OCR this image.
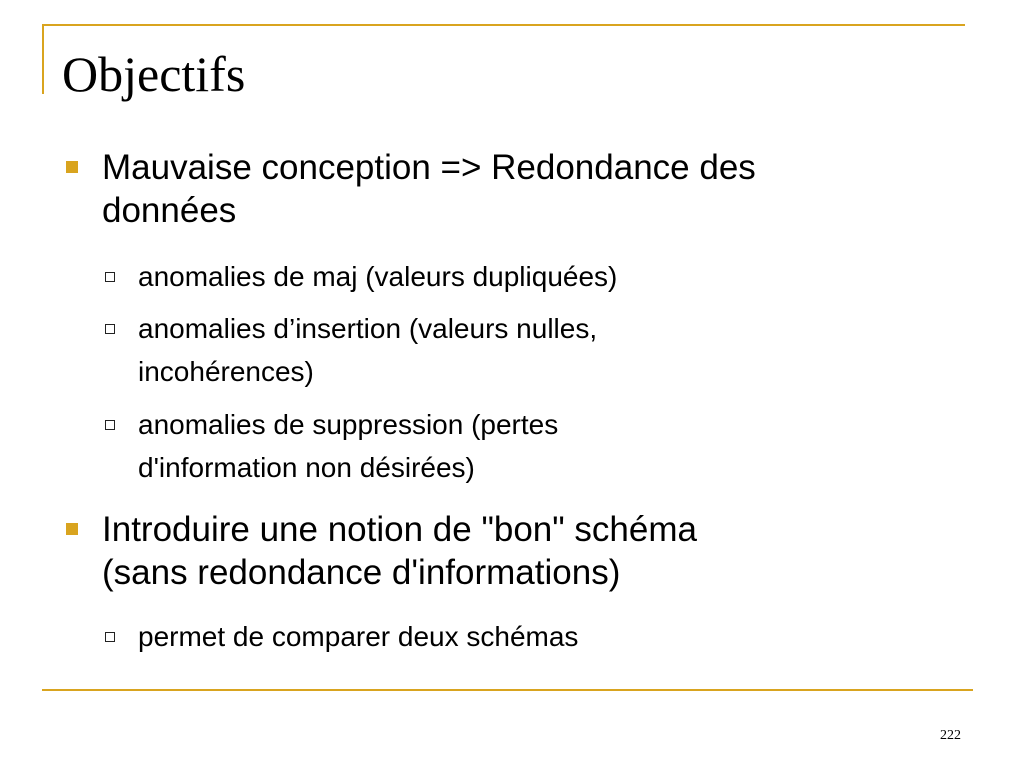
Objectifs
Mauvaise conception => Redondance des
données
anomalies de maj (valeurs dupliquées)
anomalies d’insertion (valeurs nulles,
incohérences)
anomalies de suppression (pertes
d'information non désirées)
Introduire une notion de "bon" schéma
(sans redondance d'informations)
permet de comparer deux schémas
222
